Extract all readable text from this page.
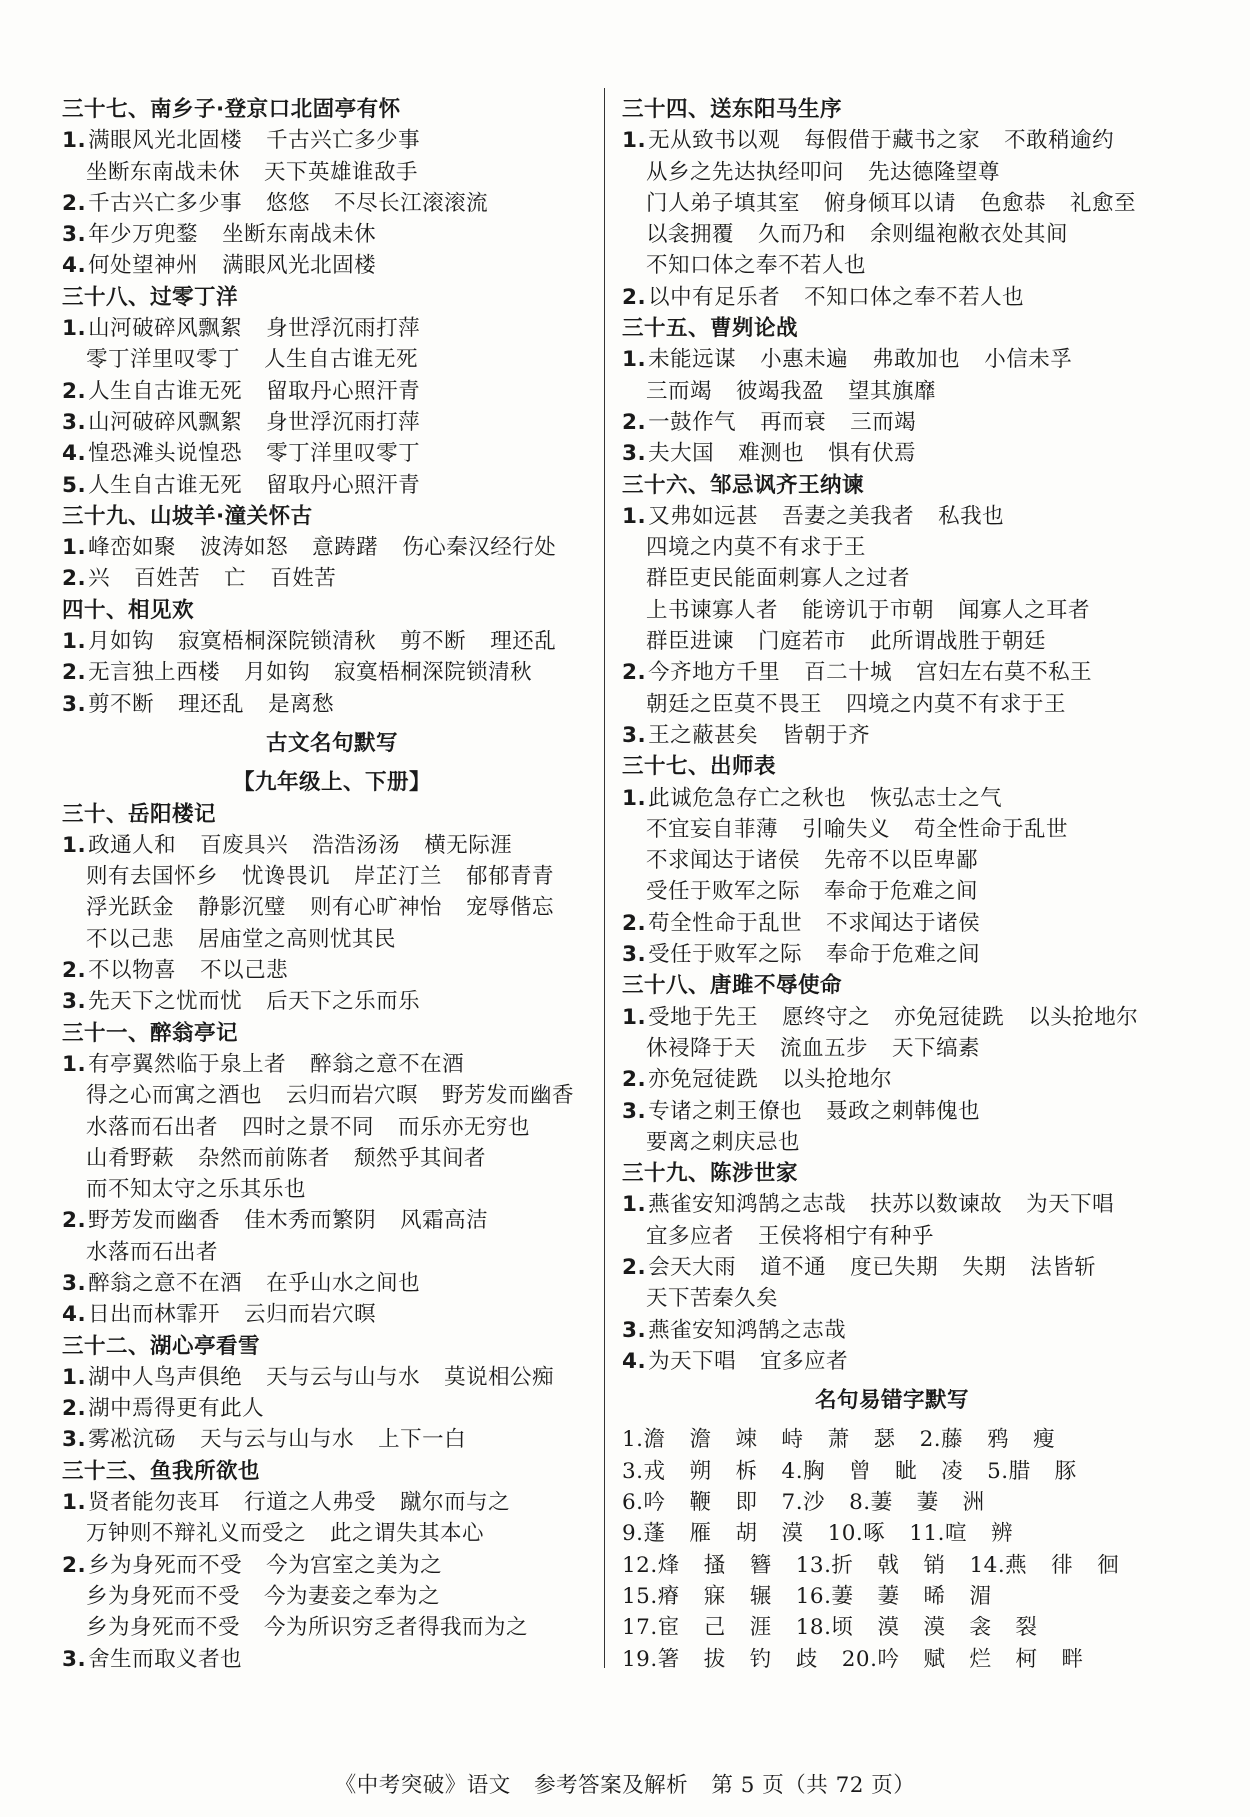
三十七、南乡子·登京口北固亭有怀
1.满眼风光北固楼 千古兴亡多少事
坐断东南战未休 天下英雄谁敌手
2.千古兴亡多少事 悠悠 不尽长江滚滚流
3.年少万兜鍪 坐断东南战未休
4.何处望神州 满眼风光北固楼
三十八、过零丁洋
1.山河破碎风飘絮 身世浮沉雨打萍
零丁洋里叹零丁 人生自古谁无死
2.人生自古谁无死 留取丹心照汗青
3.山河破碎风飘絮 身世浮沉雨打萍
4.惶恐滩头说惶恐 零丁洋里叹零丁
5.人生自古谁无死 留取丹心照汗青
三十九、山坡羊·潼关怀古
1.峰峦如聚 波涛如怒 意踌躇 伤心秦汉经行处
2.兴 百姓苦 亡 百姓苦
四十、相见欢
1.月如钩 寂寞梧桐深院锁清秋 剪不断 理还乱
2.无言独上西楼 月如钩 寂寞梧桐深院锁清秋
3.剪不断 理还乱 是离愁
古文名句默写
【九年级上、下册】
三十、岳阳楼记
1.政通人和 百废具兴 浩浩汤汤 横无际涯
则有去国怀乡 忧谗畏讥 岸芷汀兰 郁郁青青
浮光跃金 静影沉璧 则有心旷神怡 宠辱偕忘
不以己悲 居庙堂之高则忧其民
2.不以物喜 不以己悲
3.先天下之忧而忧 后天下之乐而乐
三十一、醉翁亭记
1.有亭翼然临于泉上者 醉翁之意不在酒
得之心而寓之酒也 云归而岩穴暝 野芳发而幽香
水落而石出者 四时之景不同 而乐亦无穷也
山肴野蔌 杂然而前陈者 颓然乎其间者
而不知太守之乐其乐也
2.野芳发而幽香 佳木秀而繁阴 风霜高洁
水落而石出者
3.醉翁之意不在酒 在乎山水之间也
4.日出而林霏开 云归而岩穴暝
三十二、湖心亭看雪
1.湖中人鸟声俱绝 天与云与山与水 莫说相公痴
2.湖中焉得更有此人
3.雾凇沆砀 天与云与山与水 上下一白
三十三、鱼我所欲也
1.贤者能勿丧耳 行道之人弗受 蹴尔而与之
万钟则不辩礼义而受之 此之谓失其本心
2.乡为身死而不受 今为宫室之美为之
乡为身死而不受 今为妻妾之奉为之
乡为身死而不受 今为所识穷乏者得我而为之
3.舍生而取义者也
三十四、送东阳马生序
1.无从致书以观 每假借于藏书之家 不敢稍逾约
从乡之先达执经叩问 先达德隆望尊
门人弟子填其室 俯身倾耳以请 色愈恭 礼愈至
以衾拥覆 久而乃和 余则缊袍敝衣处其间
不知口体之奉不若人也
2.以中有足乐者 不知口体之奉不若人也
三十五、曹刿论战
1.未能远谋 小惠未遍 弗敢加也 小信未孚
三而竭 彼竭我盈 望其旗靡
2.一鼓作气 再而衰 三而竭
3.夫大国 难测也 惧有伏焉
三十六、邹忌讽齐王纳谏
1.又弗如远甚 吾妻之美我者 私我也
四境之内莫不有求于王
群臣吏民能面刺寡人之过者
上书谏寡人者 能谤讥于市朝 闻寡人之耳者
群臣进谏 门庭若市 此所谓战胜于朝廷
2.今齐地方千里 百二十城 宫妇左右莫不私王
朝廷之臣莫不畏王 四境之内莫不有求于王
3.王之蔽甚矣 皆朝于齐
三十七、出师表
1.此诚危急存亡之秋也 恢弘志士之气
不宜妄自菲薄 引喻失义 苟全性命于乱世
不求闻达于诸侯 先帝不以臣卑鄙
受任于败军之际 奉命于危难之间
2.苟全性命于乱世 不求闻达于诸侯
3.受任于败军之际 奉命于危难之间
三十八、唐雎不辱使命
1.受地于先王 愿终守之 亦免冠徒跣 以头抢地尔
休祲降于天 流血五步 天下缟素
2.亦免冠徒跣 以头抢地尔
3.专诸之刺王僚也 聂政之刺韩傀也
要离之刺庆忌也
三十九、陈涉世家
1.燕雀安知鸿鹄之志哉 扶苏以数谏故 为天下唱
宜多应者 王侯将相宁有种乎
2.会天大雨 道不通 度已失期 失期 法皆斩
天下苦秦久矣
3.燕雀安知鸿鹄之志哉
4.为天下唱 宜多应者
名句易错字默写
1.澹 澹 竦 峙 萧 瑟 2.藤 鸦 瘦
3.戎 朔 柝 4.胸 曾 眦 凌 5.腊 豚
6.吟 鞭 即 7.沙 8.萋 萋 洲
9.蓬 雁 胡 漠 10.啄 11.喧 辨
12.烽 搔 簪 13.折 戟 销 14.燕 徘 徊
15.瘠 寐 辗 16.萋 萋 晞 湄
17.宦 己 涯 18.顷 漠 漠 衾 裂
19.箸 拔 钓 歧 20.吟 赋 烂 柯 畔
《中考突破》语文 参考答案及解析 第 5 页（共 72 页）
